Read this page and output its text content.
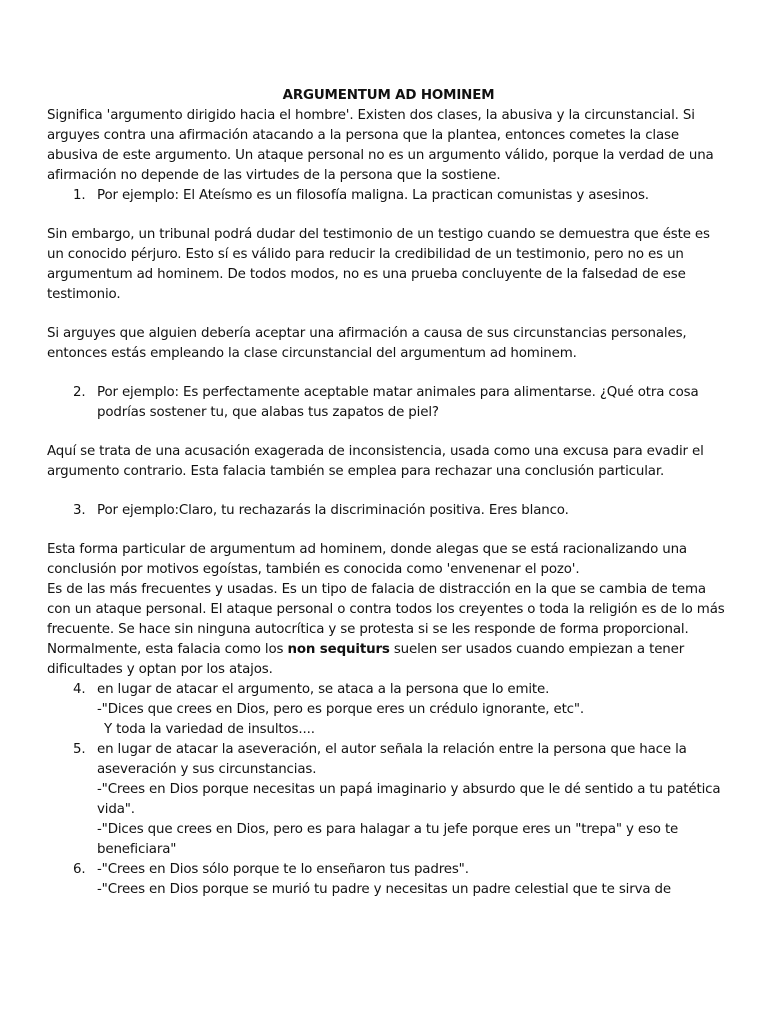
ARGUMENTUM AD HOMINEM

Significa 'argumento dirigido hacia el hombre'. Existen dos clases, la abusiva y la circunstancial. Si arguyes contra una afirmación atacando a la persona que la plantea, entonces cometes la clase abusiva de este argumento. Un ataque personal no es un argumento válido, porque la verdad de una afirmación no depende de las virtudes de la persona que la sostiene.

1. Por ejemplo: El Ateísmo es un filosofía maligna. La practican comunistas y asesinos.

Sin embargo, un tribunal podrá dudar del testimonio de un testigo cuando se demuestra que éste es un conocido pérjuro. Esto sí es válido para reducir la credibilidad de un testimonio, pero no es un argumentum ad hominem. De todos modos, no es una prueba concluyente de la falsedad de ese testimonio.

Si arguyes que alguien debería aceptar una afirmación a causa de sus circunstancias personales, entonces estás empleando la clase circunstancial del argumentum ad hominem.

2. Por ejemplo: Es perfectamente aceptable matar animales para alimentarse. ¿Qué otra cosa podrías sostener tu, que alabas tus zapatos de piel?

Aquí se trata de una acusación exagerada de inconsistencia, usada como una excusa para evadir el argumento contrario. Esta falacia también se emplea para rechazar una conclusión particular.

3. Por ejemplo:Claro, tu rechazarás la discriminación positiva. Eres blanco.

Esta forma particular de argumentum ad hominem, donde alegas que se está racionalizando una conclusión por motivos egoístas, también es conocida como 'envenenar el pozo'.

Es de las más frecuentes y usadas. Es un tipo de falacia de distracción en la que se cambia de tema con un ataque personal. El ataque personal o contra todos los creyentes o toda la religión es de lo más frecuente. Se hace sin ninguna autocrítica y se protesta si se les responde de forma proporcional. Normalmente, esta falacia como los non sequiturs suelen ser usados cuando empiezan a tener dificultades y optan por los atajos.

4. en lugar de atacar el argumento, se ataca a la persona que lo emite.
-"Dices que crees en Dios, pero es porque eres un crédulo ignorante, etc".
Y toda la variedad de insultos....
5. en lugar de atacar la aseveración, el autor señala la relación entre la persona que hace la aseveración y sus circunstancias.
-"Crees en Dios porque necesitas un papá imaginario y absurdo que le dé sentido a tu patética vida".
-"Dices que crees en Dios, pero es para halagar a tu jefe porque eres un "trepa" y eso te beneficiara"
6. -"Crees en Dios sólo porque te lo enseñaron tus padres".
-"Crees en Dios porque se murió tu padre y necesitas un padre celestial que te sirva de
